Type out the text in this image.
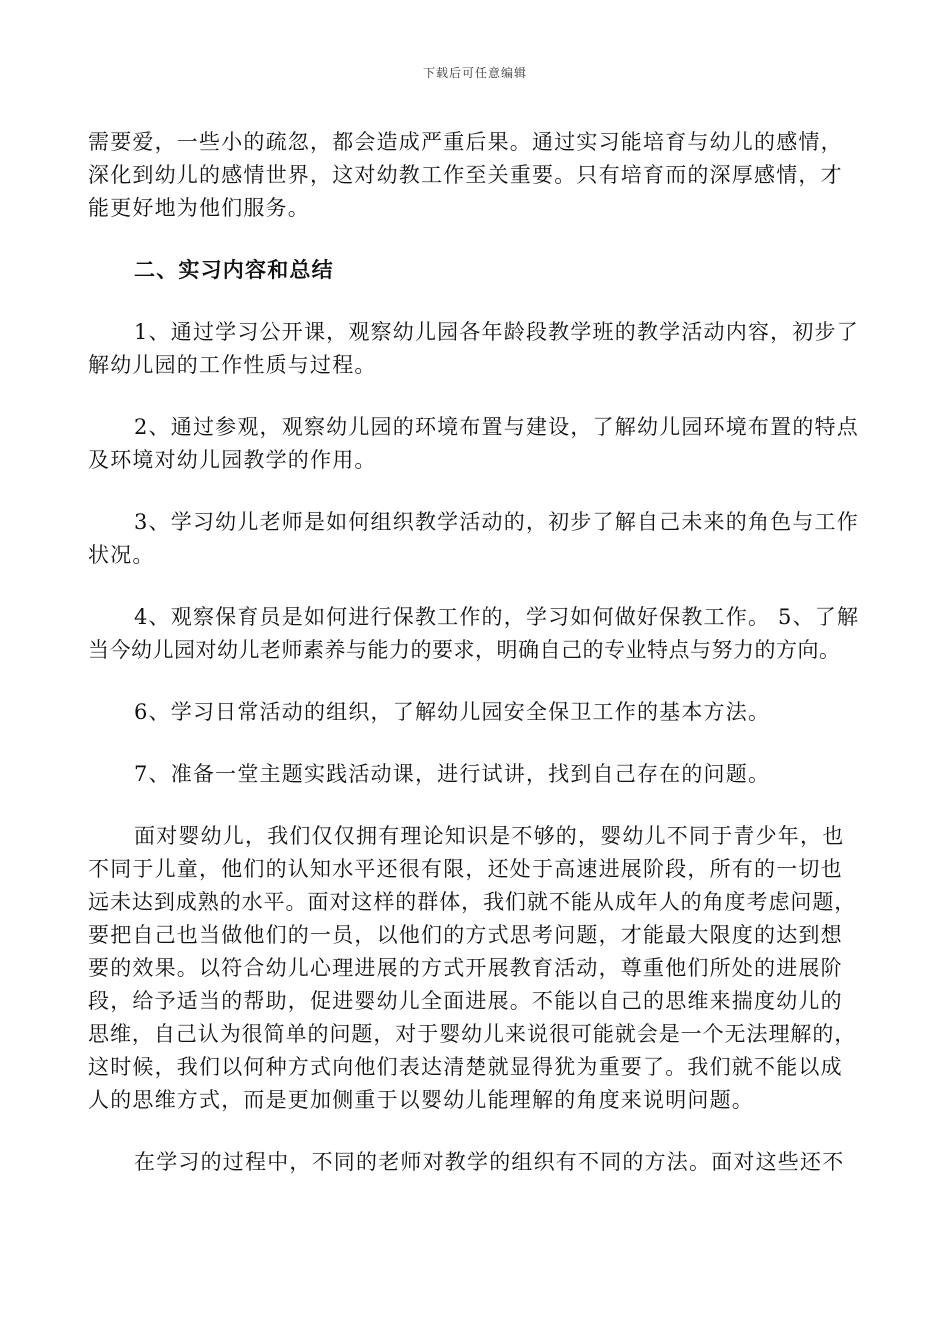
下载后可任意编辑
需要爱，一些小的疏忽，都会造成严重后果。通过实习能培育与幼儿的感情，
深化到幼儿的感情世界，这对幼教工作至关重要。只有培育而的深厚感情，才
能更好地为他们服务。
二、实习内容和总结
1、通过学习公开课，观察幼儿园各年龄段教学班的教学活动内容，初步了
解幼儿园的工作性质与过程。
2、通过参观，观察幼儿园的环境布置与建设，了解幼儿园环境布置的特点
及环境对幼儿园教学的作用。
3、学习幼儿老师是如何组织教学活动的，初步了解自己未来的角色与工作
状况。
4、观察保育员是如何进行保教工作的，学习如何做好保教工作。 5、了解
当今幼儿园对幼儿老师素养与能力的要求，明确自己的专业特点与努力的方向。
6、学习日常活动的组织，了解幼儿园安全保卫工作的基本方法。
7、准备一堂主题实践活动课，进行试讲，找到自己存在的问题。
面对婴幼儿，我们仅仅拥有理论知识是不够的，婴幼儿不同于青少年，也
不同于儿童，他们的认知水平还很有限，还处于高速进展阶段，所有的一切也
远未达到成熟的水平。面对这样的群体，我们就不能从成年人的角度考虑问题，
要把自己也当做他们的一员，以他们的方式思考问题，才能最大限度的达到想
要的效果。以符合幼儿心理进展的方式开展教育活动，尊重他们所处的进展阶
段，给予适当的帮助，促进婴幼儿全面进展。不能以自己的思维来揣度幼儿的
思维，自己认为很简单的问题，对于婴幼儿来说很可能就会是一个无法理解的，
这时候，我们以何种方式向他们表达清楚就显得犹为重要了。我们就不能以成
人的思维方式，而是更加侧重于以婴幼儿能理解的角度来说明问题。
在学习的过程中，不同的老师对教学的组织有不同的方法。面对这些还不
